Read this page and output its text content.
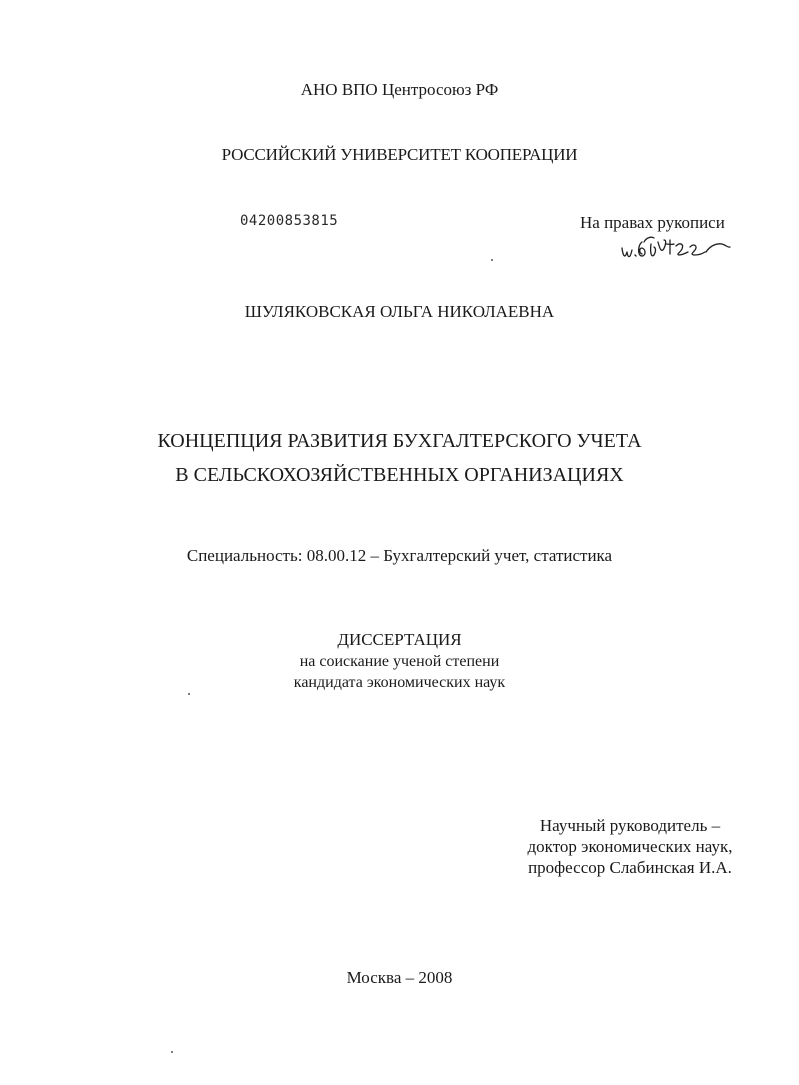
АНО ВПО Центросоюз РФ
РОССИЙСКИЙ УНИВЕРСИТЕТ КООПЕРАЦИИ
04200853815	На правах рукописи
ШУЛЯКОВСКАЯ ОЛЬГА НИКОЛАЕВНА
КОНЦЕПЦИЯ РАЗВИТИЯ БУХГАЛТЕРСКОГО УЧЕТА
В СЕЛЬСКОХОЗЯЙСТВЕННЫХ ОРГАНИЗАЦИЯХ
Специальность: 08.00.12 – Бухгалтерский учет, статистика
ДИССЕРТАЦИЯ
на соискание ученой степени
кандидата экономических наук
Научный руководитель –
доктор экономических наук,
профессор Слабинская И.А.
Москва – 2008
